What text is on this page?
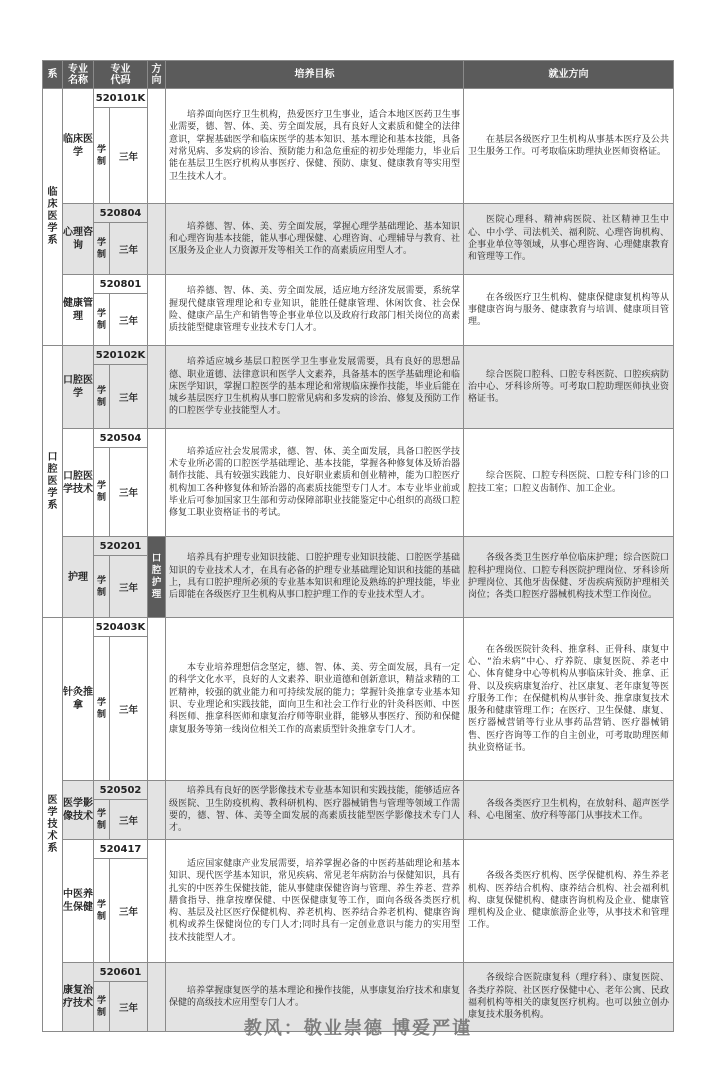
系	专业名称	专业代码		方向	培养目标	就业方向

临床医学系	临床医学	520101K			培养面向医疗卫生机构，热爱医疗卫生事业，适合本地区医药卫生事业需要，德、智、体、美、劳全面发展，具有良好人文素质和健全的法律意识，掌握基础医学和临床医学的基本知识、基本理论和基本技能，具备对常见病、多发病的诊治、预防能力和急危重症的初步处理能力，毕业后能在基层卫生医疗机构从事医疗、保健、预防、康复、健康教育等实用型卫生技术人才。	在基层各级医疗卫生机构从事基本医疗及公共卫生服务工作。可考取临床助理执业医师资格证。

		学制	三年			

	心理咨询	520804			培养德、智、体、美、劳全面发展，掌握心理学基础理论、基本知识和心理咨询基本技能，能从事心理保健、心理咨询、心理辅导与教育、社区服务及企业人力资源开发等相关工作的高素质应用型人才。	医院心理科、精神病医院、社区精神卫生中心、中小学、司法机关、福利院、心理咨询机构、企事业单位等领域，从事心理咨询、心理健康教育和管理等工作。

		学制	三年			

	健康管理	520801			培养德、智、体、美、劳全面发展，适应地方经济发展需要，系统掌握现代健康管理理论和专业知识，能胜任健康管理、休闲饮食、社会保险、健康产品生产和销售等企事业单位以及政府行政部门相关岗位的高素质技能型健康管理专业技术专门人才。	在各级医疗卫生机构、健康保健康复机构等从事健康咨询与服务、健康教育与培训、健康项目管理。

		学制	三年			

口腔医学系	口腔医学	520102K			培养适应城乡基层口腔医学卫生事业发展需要，具有良好的思想品德、职业道德、法律意识和医学人文素养，具备基本的医学基础理论和临床医学知识，掌握口腔医学的基本理论和常规临床操作技能，毕业后能在城乡基层医疗卫生机构从事口腔常见病和多发病的诊治、修复及预防工作的口腔医学专业技能型人才。	综合医院口腔科、口腔专科医院、口腔疾病防治中心、牙科诊所等。可考取口腔助理医师执业资格证书。

		学制	三年			

	口腔医学技术	520504			培养适应社会发展需求，德、智、体、美全面发展，具备口腔医学技术专业所必需的口腔医学基础理论、基本技能，掌握各种修复体及矫治器制作技能、具有较强实践能力、良好职业素质和创业精神，能为口腔医疗机构加工各种修复体和矫治器的高素质技能型专门人才。本专业毕业前或毕业后可参加国家卫生部和劳动保障部职业技能鉴定中心组织的高级口腔修复工职业资格证书的考试。	综合医院、口腔专科医院、口腔专科门诊的口腔技工室；口腔义齿制作、加工企业。

		学制	三年			

	护理	520201		口腔护理	培养具有护理专业知识技能、口腔护理专业知识技能、口腔医学基础知识的专业技术人才，在具有必备的护理专业基础理论知识和技能的基础上，具有口腔护理所必须的专业基本知识和理论及熟练的护理技能，毕业后即能在各级医疗卫生机构从事口腔护理工作的专业技术型人才。	各级各类卫生医疗单位临床护理；综合医院口腔科护理岗位、口腔专科医院护理岗位、牙科诊所护理岗位、其他牙齿保健、牙齿疾病预防护理相关岗位；各类口腔医疗器械机构技术型工作岗位。

		学制	三年			

医学技术系	针灸推拿	520403K			本专业培养理想信念坚定，德、智、体、美、劳全面发展，具有一定的科学文化水平，良好的人文素养、职业道德和创新意识，精益求精的工匠精神，较强的就业能力和可持续发展的能力；掌握针灸推拿专业基本知识、专业理论和实践技能，面向卫生和社会工作行业的针灸科医师、中医科医师、推拿科医师和康复治疗师等职业群，能够从事医疗、预防和保健康复服务等第一线岗位相关工作的高素质型针灸推拿专门人才。	在各级医院针灸科、推拿科、正骨科、康复中心、“治未病”中心、疗养院、康复医院、养老中心、体育健身中心等机构从事临床针灸、推拿、正骨、以及疾病康复治疗、社区康复、老年康复等医疗服务工作；在保健机构从事针灸、推拿康复技术服务和健康管理工作；在医疗、卫生保健、康复、医疗器械营销等行业从事药品营销、医疗器械销售、医疗咨询等工作的自主创业，可考取助理医师执业资格证书。

		学制	三年			

	医学影像技术	520502			培养具有良好的医学影像技术专业基本知识和实践技能，能够适应各级医院、卫生防疫机构、教科研机构、医疗器械销售与管理等领域工作需要的，德、智、体、美等全面发展的高素质技能型医学影像技术专门人才。	各级各类医疗卫生机构，在放射科、超声医学科、心电图室、放疗科等部门从事技术工作。

		学制	三年			

	中医养生保健	520417			适应国家健康产业发展需要，培养掌握必备的中医药基础理论和基本知识、现代医学基本知识，常见疾病、常见老年病防治与保健知识，具有扎实的中医养生保健技能，能从事健康保健咨询与管理、养生养老、营养膳食指导、推拿按摩保健、中医保健康复等工作，面向各级各类医疗机构、基层及社区医疗保健机构、养老机构、医养结合养老机构、健康咨询机构或养生保健岗位的专门人才;同时具有一定创业意识与能力的实用型技术技能型人才。	各级各类医疗机构、医学保健机构、养生养老机构、医养结合机构、康养结合机构、社会福利机构、康复保健机构、健康咨询机构及企业、健康管理机构及企业、健康旅游企业等，从事技术和管理工作。

		学制	三年			

	康复治疗技术	520601			培养掌握康复医学的基本理论和操作技能，从事康复治疗技术和康复保健的高级技术应用型专门人才。	各级综合医院康复科（理疗科）、康复医院、各类疗养院、社区医疗保健中心、老年公寓、民政福利机构等相关的康复医疗机构。也可以独立创办康复技术服务机构。

		学制	三年			
教风：敬业崇德 博爱严谨
